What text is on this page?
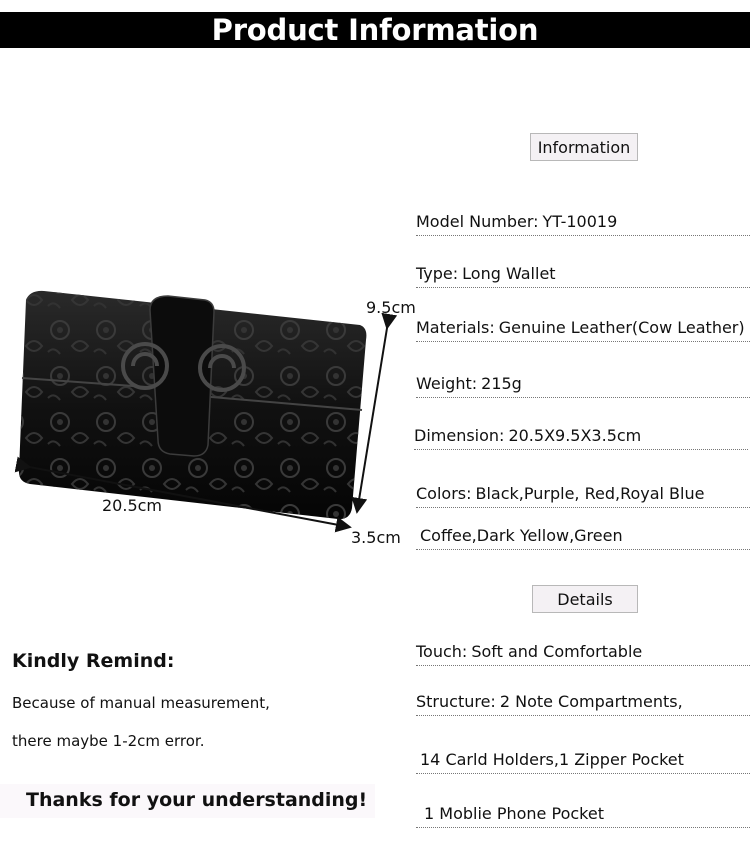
Product Information
9.5cm
20.5cm
3.5cm
Information
Model Number: YT-10019
Type: Long Wallet
Materials: Genuine Leather(Cow Leather)
Weight: 215g
Dimension: 20.5X9.5X3.5cm
Colors: Black,Purple, Red,Royal Blue
Coffee,Dark Yellow,Green
Details
Touch: Soft and Comfortable
Structure: 2 Note Compartments,
14 Carld Holders,1 Zipper Pocket
1 Moblie Phone Pocket
Kindly Remind:
Because of manual measurement,
there maybe 1-2cm error.
Thanks for your understanding!
